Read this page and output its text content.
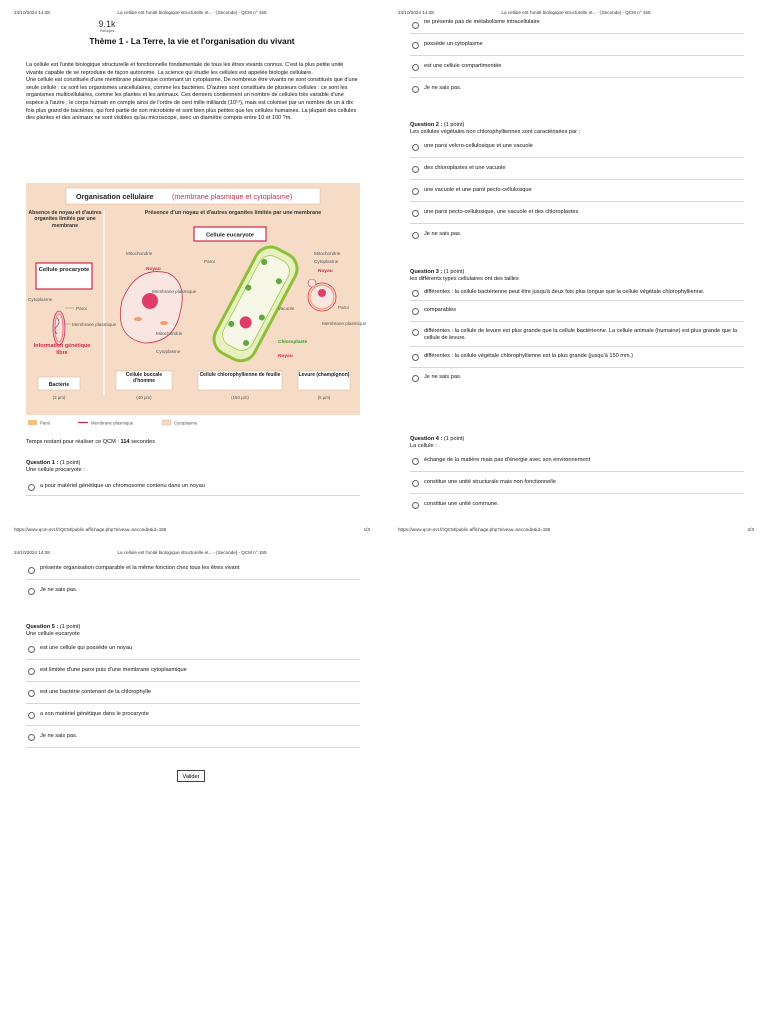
24/10/2024 14:38	La cellule est l'unité biologique structurelle et... - [Seconde] - QCM n° 155
9.1k
Partages
Thème 1 - La Terre, la vie et l'organisation du vivant

La cellule est l'unité biologique structurelle et fonctionnelle fondamentale de tous les êtres vivants connus. C'est la plus petite unité vivante capable de se reproduire de façon autonome. La science qui étudie les cellules est appelée biologie cellulaire.

Une cellule est constituée d'une membrane plasmique contenant un cytoplasme. De nombreux être vivants ne sont constitués que d'une seule cellule : ce sont les organismes unicellulaires, comme les bactéries. D'autres sont constitués de plusieurs cellules : ce sont les organismes multicellulaires, comme les plantes et les animaux. Ces derniers contiennent un nombre de cellules très variable d'une espèce à l'autre ; le corps humain en compte ainsi de l'ordre de cent mille milliards (10¹⁴), mais est colonisé par un nombre de un à dix fois plus grand de bactéries, qui font partie de son microbiote et sont bien plus petites que les cellules humaines. La plupart des cellules des plantes et des animaux ne sont visibles qu'au microscope, avec un diamètre compris entre 10 et 100 ?m.

Organisation cellulaire	(membrane plasmique et cytoplasme)
Absence de noyau et d'autres organites limités par une membrane
Présence d'un noyau et d'autres organites limités par une membrane
Cellule eucaryote
Cellule procaryote
Cytoplasme
Paroi
Membrane plasmique
Information génétique libre
Mitochondrie
Noyau
Membrane plasmique
Cytoplasme
Mitochondrie
Paroi
Vacuole
Chloroplaste
Noyau
Mitochondrie
Cytoplasme
Noyau
Paroi
Membrane plasmique
Bactérie
(2 µm)
Cellule buccale d'homme
(40 µm)
Cellule chlorophyllienne de feuille
(150 µm)
Levure (champignon)
(5 µm)
Paroi	Membrane plasmique	Cytoplasme
Temps restant pour réaliser ce QCM : 114 secondes
Question 1 : (1 point)
Une cellule procaryote :
a pour matériel génétique un chromosome contenu dans un noyau
https://www.qcm-svt.fr/QCM/public-affichage.php?niveau=seconde&id=155	1/3
24/10/2024 14:38	La cellule est l'unité biologique structurelle et... - [Seconde] - QCM n° 155
ne présente pas de métabolisme intracellulaire
possède un cytoplasme
est une cellule compartimentée
Je ne sais pas.
Question 2 : (1 point)
Les cellules végétales non chlorophylliennes sont caractérisées par :
une paroi velcro-cellulosique et une vacuole
des chloroplastes et une vacuole
une vacuole et une paroi pecto-cellulosique
une paroi pecto-cellulosique, une vacuole et des chloroplastes
Je ne sais pas.
Question 3 : (1 point)
les différents types cellulaires ont des tailles
différentes : la cellule bactérienne peut être jusqu'à deux fois plus longue que la cellule végétale chlorophyllienne.
comparables
différentes : la cellule de levure est plus grande que la cellule bactérienne. La cellule animale (humaine) est plus grande que la cellule de levure.
différentes : la cellule végétale chlorophyllienne est la plus grande (jusqu'à 150 mm.)
Je ne sais pas.
Question 4 : (1 point)
La cellule :
échange de la matière mais pas d'énergie avec son environnement
constitue une unité structurale mais non fonctionnelle
constitue une unité commune.
https://www.qcm-svt.fr/QCM/public-affichage.php?niveau=seconde&id=155	2/3
24/10/2024 14:38	La cellule est l'unité biologique structurelle et... - [Seconde] - QCM n° 155
présente organisation comparable et la même fonction chez tous les êtres vivant
Je ne sais pas.
Question 5 : (1 point)
Une cellule eucaryote
est une cellule qui possède un noyau
est limitée d'une paroi puis d'une membrane cytoplasmique
est une bactérie contenant de la chlorophylle
a son matériel génétique dans le procaryote
Je ne sais pas.
Valider
